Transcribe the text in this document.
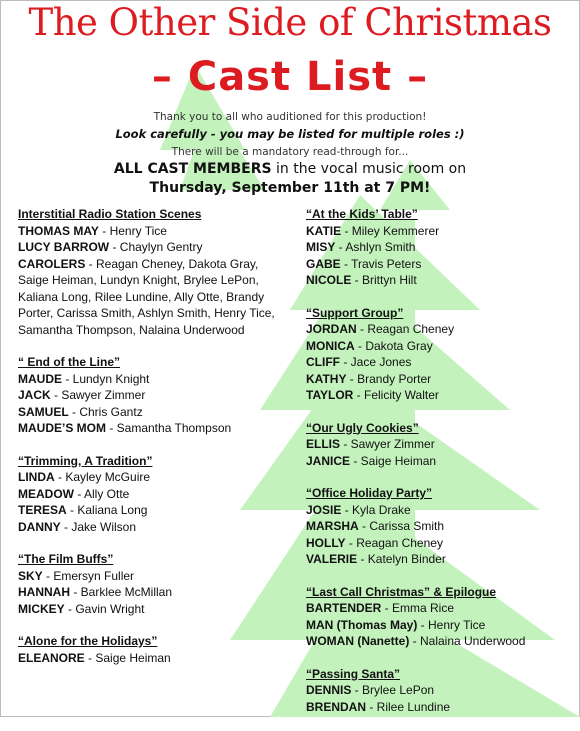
The Other Side of Christmas
– Cast List –
Thank you to all who auditioned for this production!
Look carefully - you may be listed for multiple roles :)
There will be a mandatory read-through for...
ALL CAST MEMBERS in the vocal music room on
Thursday, September 11th at 7 PM!
Interstitial Radio Station Scenes
THOMAS MAY - Henry Tice
LUCY BARROW - Chaylyn Gentry
CAROLERS - Reagan Cheney, Dakota Gray, Saige Heiman, Lundyn Knight, Brylee LePon, Kaliana Long, Rilee Lundine, Ally Otte, Brandy Porter, Carissa Smith, Ashlyn Smith, Henry Tice, Samantha Thompson, Nalaina Underwood
“ End of the Line”
MAUDE - Lundyn Knight
JACK - Sawyer Zimmer
SAMUEL - Chris Gantz
MAUDE’S MOM - Samantha Thompson
“Trimming, A Tradition”
LINDA - Kayley McGuire
MEADOW - Ally Otte
TERESA - Kaliana Long
DANNY - Jake Wilson
“The Film Buffs”
SKY - Emersyn Fuller
HANNAH - Barklee McMillan
MICKEY - Gavin Wright
“Alone for the Holidays”
ELEANORE - Saige Heiman
“At the Kids’ Table”
KATIE - Miley Kemmerer
MISY - Ashlyn Smith
GABE - Travis Peters
NICOLE - Brittyn Hilt
“Support Group”
JORDAN - Reagan Cheney
MONICA - Dakota Gray
CLIFF - Jace Jones
KATHY - Brandy Porter
TAYLOR - Felicity Walter
“Our Ugly Cookies”
ELLIS - Sawyer Zimmer
JANICE - Saige Heiman
“Office Holiday Party”
JOSIE - Kyla Drake
MARSHA - Carissa Smith
HOLLY - Reagan Cheney
VALERIE - Katelyn Binder
“Last Call Christmas” & Epilogue
BARTENDER - Emma Rice
MAN (Thomas May) - Henry Tice
WOMAN (Nanette) - Nalaina Underwood
“Passing Santa”
DENNIS - Brylee LePon
BRENDAN - Rilee Lundine
